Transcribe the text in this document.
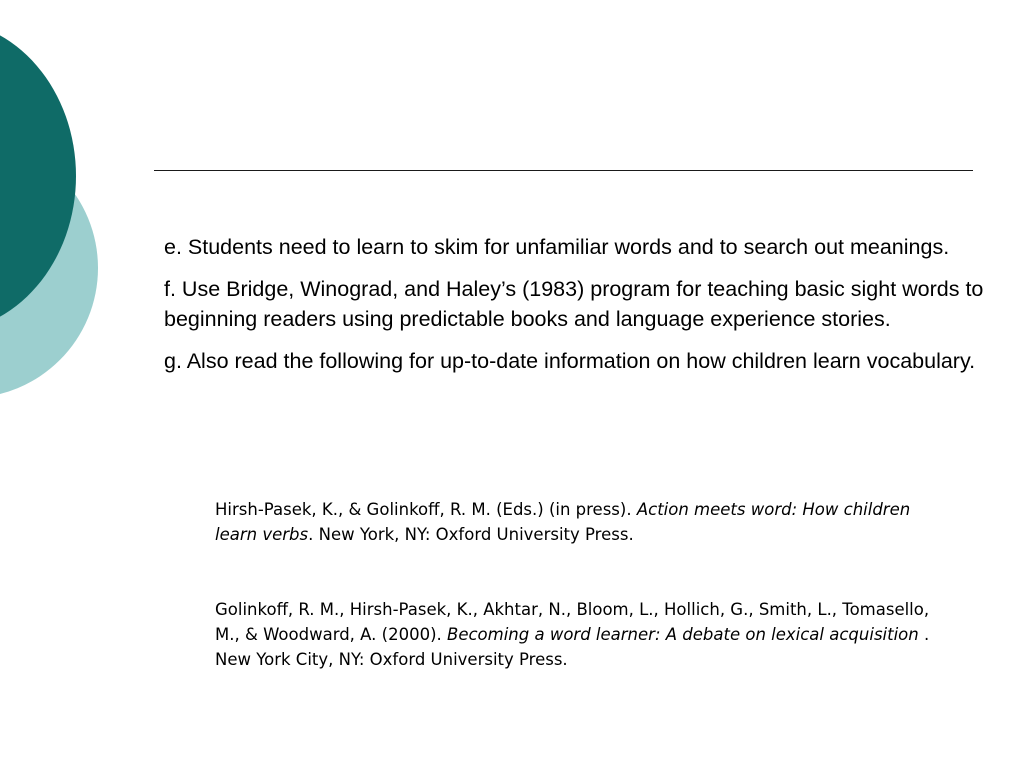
e. Students need to learn to skim for unfamiliar words and to search out meanings.

f. Use Bridge, Winograd, and Haley’s (1983) program for teaching basic sight words to beginning readers using predictable books and language experience stories.

g. Also read the following for up-to-date information on how children learn vocabulary.

Hirsh-Pasek, K., & Golinkoff, R. M. (Eds.) (in press). Action meets word: How children learn verbs. New York, NY: Oxford University Press.

Golinkoff, R. M., Hirsh-Pasek, K., Akhtar, N., Bloom, L., Hollich, G., Smith, L., Tomasello, M., & Woodward, A. (2000). Becoming a word learner: A debate on lexical acquisition . New York City, NY: Oxford University Press.
